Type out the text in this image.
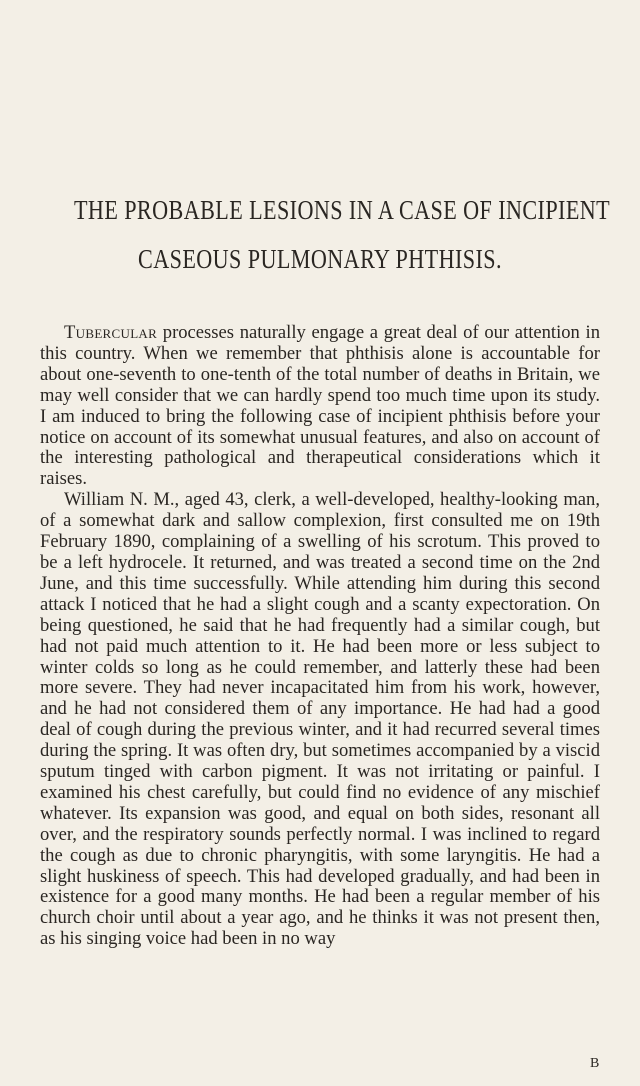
THE PROBABLE LESIONS IN A CASE OF INCIPIENT
CASEOUS PULMONARY PHTHISIS.

Tubercular processes naturally engage a great deal of our attention in this country. When we remember that phthisis alone is accountable for about one-seventh to one-tenth of the total number of deaths in Britain, we may well consider that we can hardly spend too much time upon its study. I am induced to bring the following case of incipient phthisis before your notice on account of its somewhat unusual features, and also on account of the interesting pathological and therapeutical considerations which it raises.

William N. M., aged 43, clerk, a well-developed, healthy-looking man, of a somewhat dark and sallow complexion, first consulted me on 19th February 1890, complaining of a swelling of his scrotum. This proved to be a left hydrocele. It returned, and was treated a second time on the 2nd June, and this time successfully. While attending him during this second attack I noticed that he had a slight cough and a scanty expectoration. On being questioned, he said that he had frequently had a similar cough, but had not paid much attention to it. He had been more or less subject to winter colds so long as he could remember, and latterly these had been more severe. They had never incapacitated him from his work, however, and he had not considered them of any importance. He had had a good deal of cough during the previous winter, and it had recurred several times during the spring. It was often dry, but sometimes accompanied by a viscid sputum tinged with carbon pigment. It was not irritating or painful. I examined his chest carefully, but could find no evidence of any mischief whatever. Its expansion was good, and equal on both sides, resonant all over, and the respiratory sounds perfectly normal. I was inclined to regard the cough as due to chronic pharyngitis, with some laryngitis. He had a slight huskiness of speech. This had developed gradually, and had been in existence for a good many months. He had been a regular member of his church choir until about a year ago, and he thinks it was not present then, as his singing voice had been in no way

B
